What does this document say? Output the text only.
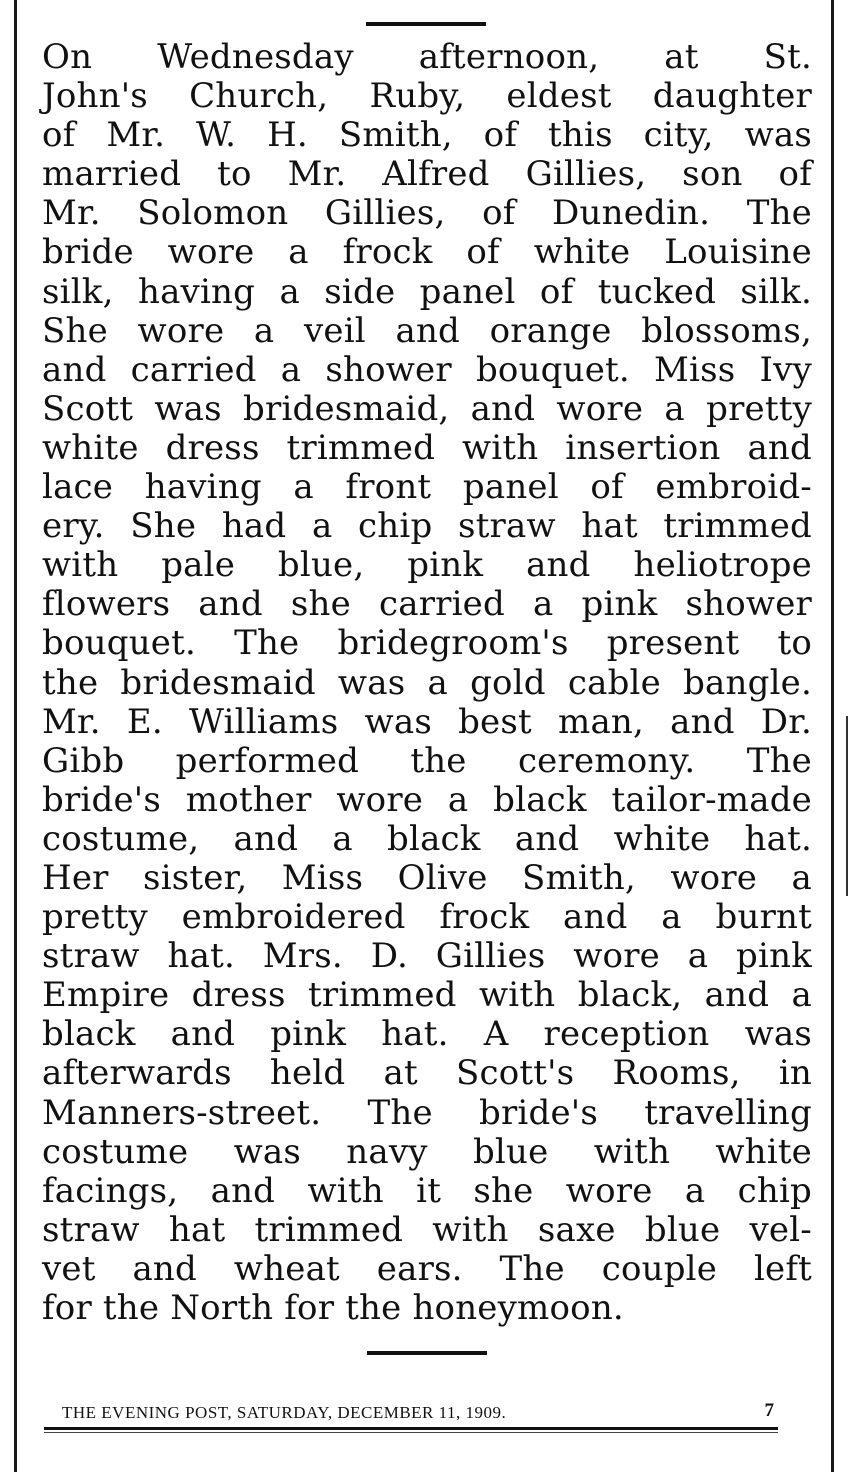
On Wednesday afternoon, at St.
John's Church, Ruby, eldest daughter
of Mr. W. H. Smith, of this city, was
married to Mr. Alfred Gillies, son of
Mr. Solomon Gillies, of Dunedin. The
bride wore a frock of white Louisine
silk, having a side panel of tucked silk.
She wore a veil and orange blossoms,
and carried a shower bouquet. Miss Ivy
Scott was bridesmaid, and wore a pretty
white dress trimmed with insertion and
lace having a front panel of embroid-
ery. She had a chip straw hat trimmed
with pale blue, pink and heliotrope
flowers and she carried a pink shower
bouquet. The bridegroom's present to
the bridesmaid was a gold cable bangle.
Mr. E. Williams was best man, and Dr.
Gibb performed the ceremony. The
bride's mother wore a black tailor-made
costume, and a black and white hat.
Her sister, Miss Olive Smith, wore a
pretty embroidered frock and a burnt
straw hat. Mrs. D. Gillies wore a pink
Empire dress trimmed with black, and a
black and pink hat. A reception was
afterwards held at Scott's Rooms, in
Manners-street. The bride's travelling
costume was navy blue with white
facings, and with it she wore a chip
straw hat trimmed with saxe blue vel-
vet and wheat ears. The couple left
for the North for the honeymoon.
THE EVENING POST, SATURDAY, DECEMBER 11, 1909.	7
